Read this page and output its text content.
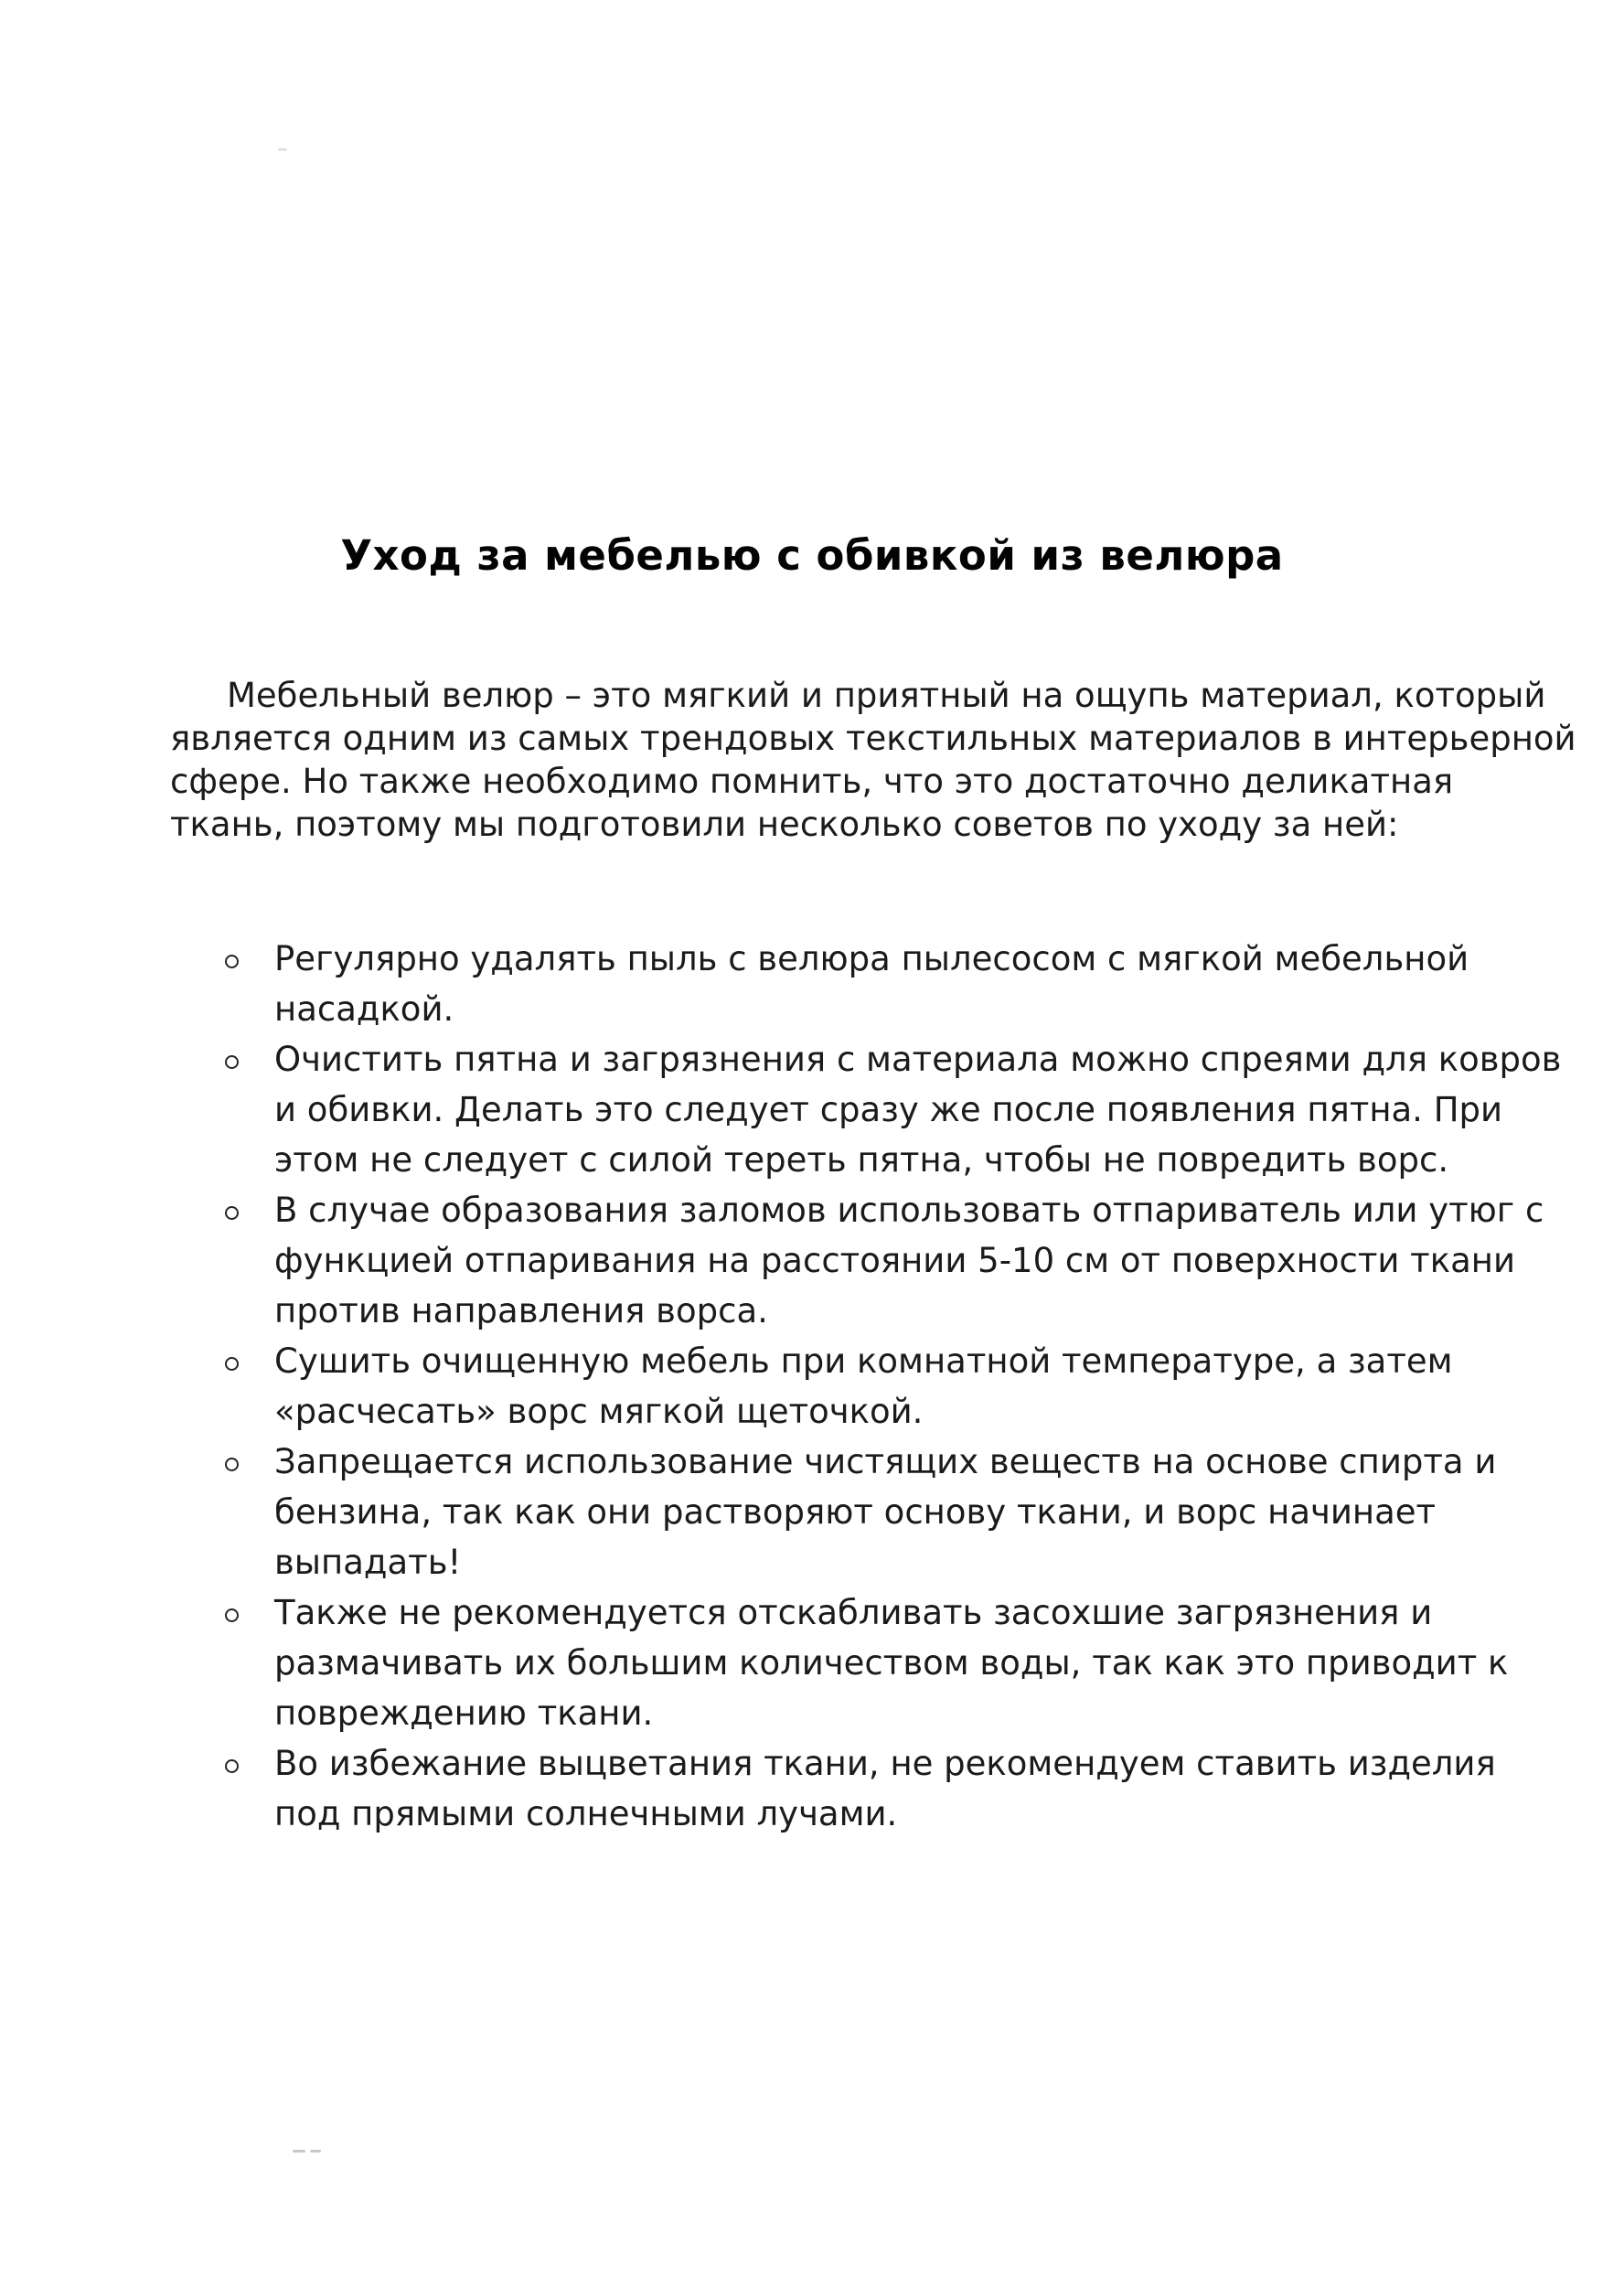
Уход за мебелью с обивкой из велюра
Мебельный велюр – это мягкий и приятный на ощупь материал, который
является одним из самых трендовых текстильных материалов в интерьерной
сфере. Но также необходимо помнить, что это достаточно деликатная
ткань, поэтому мы подготовили несколько советов по уходу за ней:
Регулярно удалять пыль с велюра пылесосом с мягкой мебельной
насадкой.
Очистить пятна и загрязнения с материала можно спреями для ковров
и обивки. Делать это следует сразу же после появления пятна. При
этом не следует с силой тереть пятна, чтобы не повредить ворс.
В случае образования заломов использовать отпариватель или утюг с
функцией отпаривания на расстоянии 5-10 см от поверхности ткани
против направления ворса.
Сушить очищенную мебель при комнатной температуре, а затем
«расчесать» ворс мягкой щеточкой.
Запрещается использование чистящих веществ на основе спирта и
бензина, так как они растворяют основу ткани, и ворс начинает
выпадать!
Также не рекомендуется отскабливать засохшие загрязнения и
размачивать их большим количеством воды, так как это приводит к
повреждению ткани.
Во избежание выцветания ткани, не рекомендуем ставить изделия
под прямыми солнечными лучами.
